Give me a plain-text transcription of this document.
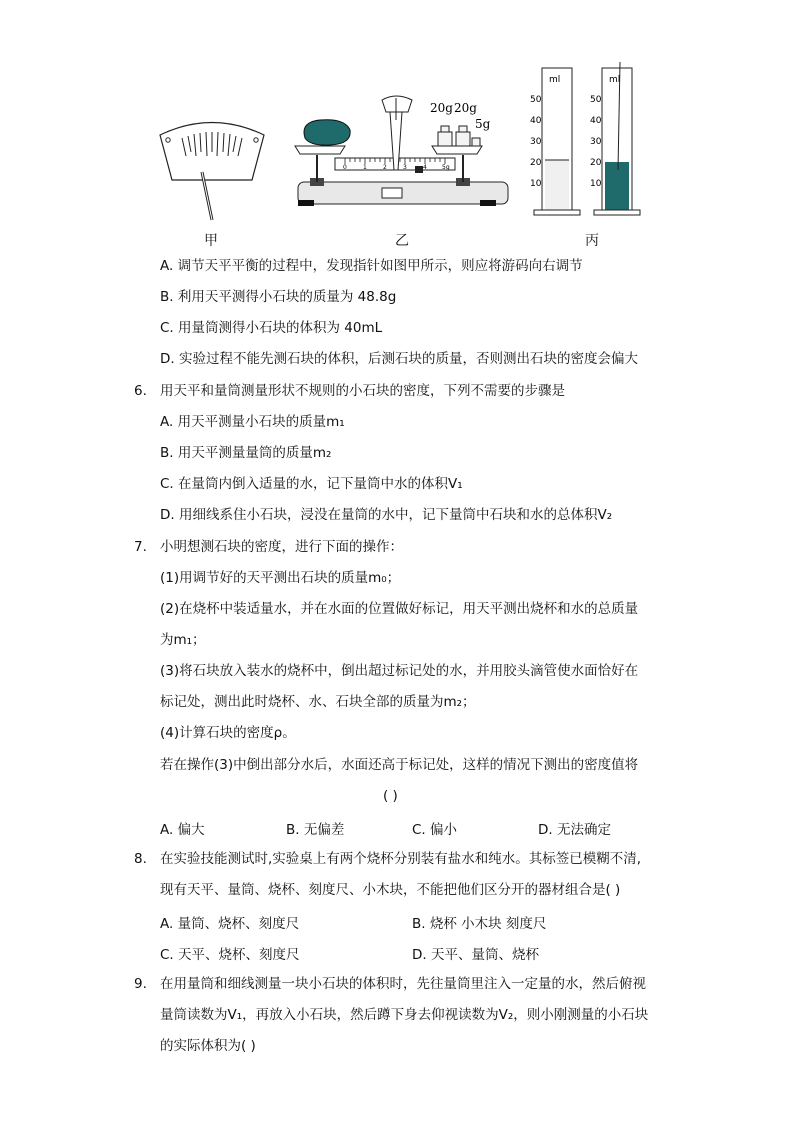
0	1	2	3	4	5g
20g 20g
5g
ml
50
40
30
20
10
ml
50
40
30
20
10
甲	乙	丙
A. 调节天平平衡的过程中，发现指针如图甲所示，则应将游码向右调节
B. 利用天平测得小石块的质量为 48.8g
C. 用量筒测得小石块的体积为 40mL
D. 实验过程不能先测石块的体积，后测石块的质量，否则测出石块的密度会偏大
6. 用天平和量筒测量形状不规则的小石块的密度，下列不需要的步骤是
A. 用天平测量小石块的质量m₁
B. 用天平测量量筒的质量m₂
C. 在量筒内倒入适量的水，记下量筒中水的体积V₁
D. 用细线系住小石块，浸没在量筒的水中，记下量筒中石块和水的总体积V₂
7. 小明想测石块的密度，进行下面的操作：
(1)用调节好的天平测出石块的质量m₀；
(2)在烧杯中装适量水，并在水面的位置做好标记，用天平测出烧杯和水的总质量
为m₁；
(3)将石块放入装水的烧杯中，倒出超过标记处的水，并用胶头滴管使水面恰好在
标记处，测出此时烧杯、水、石块全部的质量为m₂；
(4)计算石块的密度ρ。
若在操作(3)中倒出部分水后，水面还高于标记处，这样的情况下测出的密度值将
( )
A. 偏大	B. 无偏差	C. 偏小	D. 无法确定
8. 在实验技能测试时,实验桌上有两个烧杯分别装有盐水和纯水。其标签已模糊不清,
现有天平、量筒、烧杯、刻度尺、小木块，不能把他们区分开的器材组合是( )
A. 量筒、烧杯、刻度尺	B. 烧杯 小木块 刻度尺
C. 天平、烧杯、刻度尺	D. 天平、量筒、烧杯
9. 在用量筒和细线测量一块小石块的体积时，先往量筒里注入一定量的水，然后俯视
量筒读数为V₁，再放入小石块，然后蹲下身去仰视读数为V₂，则小刚测量的小石块
的实际体积为( )
